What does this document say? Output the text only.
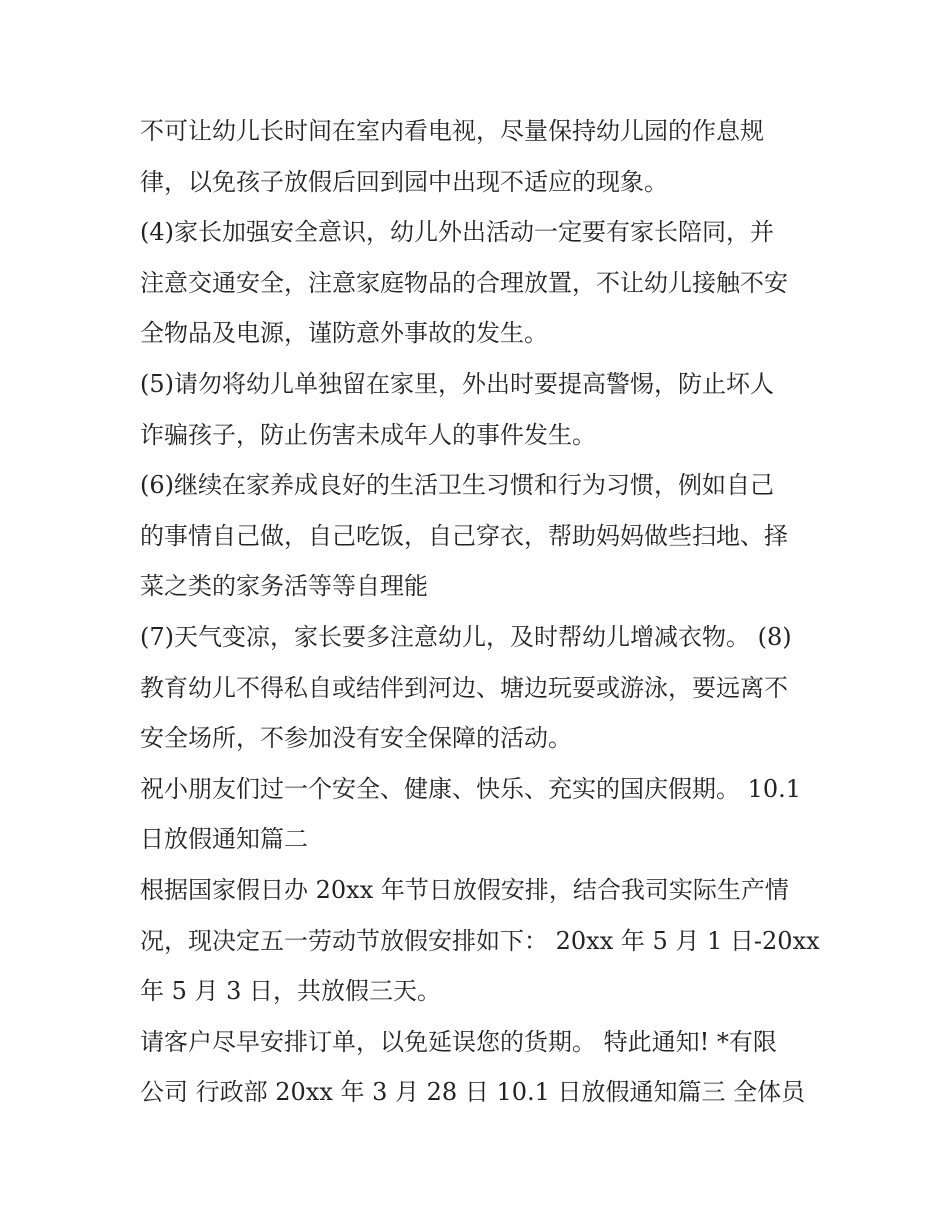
不可让幼儿长时间在室内看电视，尽量保持幼儿园的作息规
律，以免孩子放假后回到园中出现不适应的现象。
(4)家长加强安全意识，幼儿外出活动一定要有家长陪同，并
注意交通安全，注意家庭物品的合理放置，不让幼儿接触不安
全物品及电源，谨防意外事故的发生。
(5)请勿将幼儿单独留在家里，外出时要提高警惕，防止坏人
诈骗孩子，防止伤害未成年人的事件发生。
(6)继续在家养成良好的生活卫生习惯和行为习惯，例如自己
的事情自己做，自己吃饭，自己穿衣，帮助妈妈做些扫地、择
菜之类的家务活等等自理能
(7)天气变凉，家长要多注意幼儿，及时帮幼儿增减衣物。 (8)
教育幼儿不得私自或结伴到河边、塘边玩耍或游泳，要远离不
安全场所，不参加没有安全保障的活动。
祝小朋友们过一个安全、健康、快乐、充实的国庆假期。 10.1
日放假通知篇二
根据国家假日办 20xx 年节日放假安排，结合我司实际生产情
况，现决定五一劳动节放假安排如下： 20xx 年 5 月 1 日-20xx
年 5 月 3 日，共放假三天。
请客户尽早安排订单，以免延误您的货期。 特此通知! *有限
公司 行政部 20xx 年 3 月 28 日 10.1 日放假通知篇三 全体员
